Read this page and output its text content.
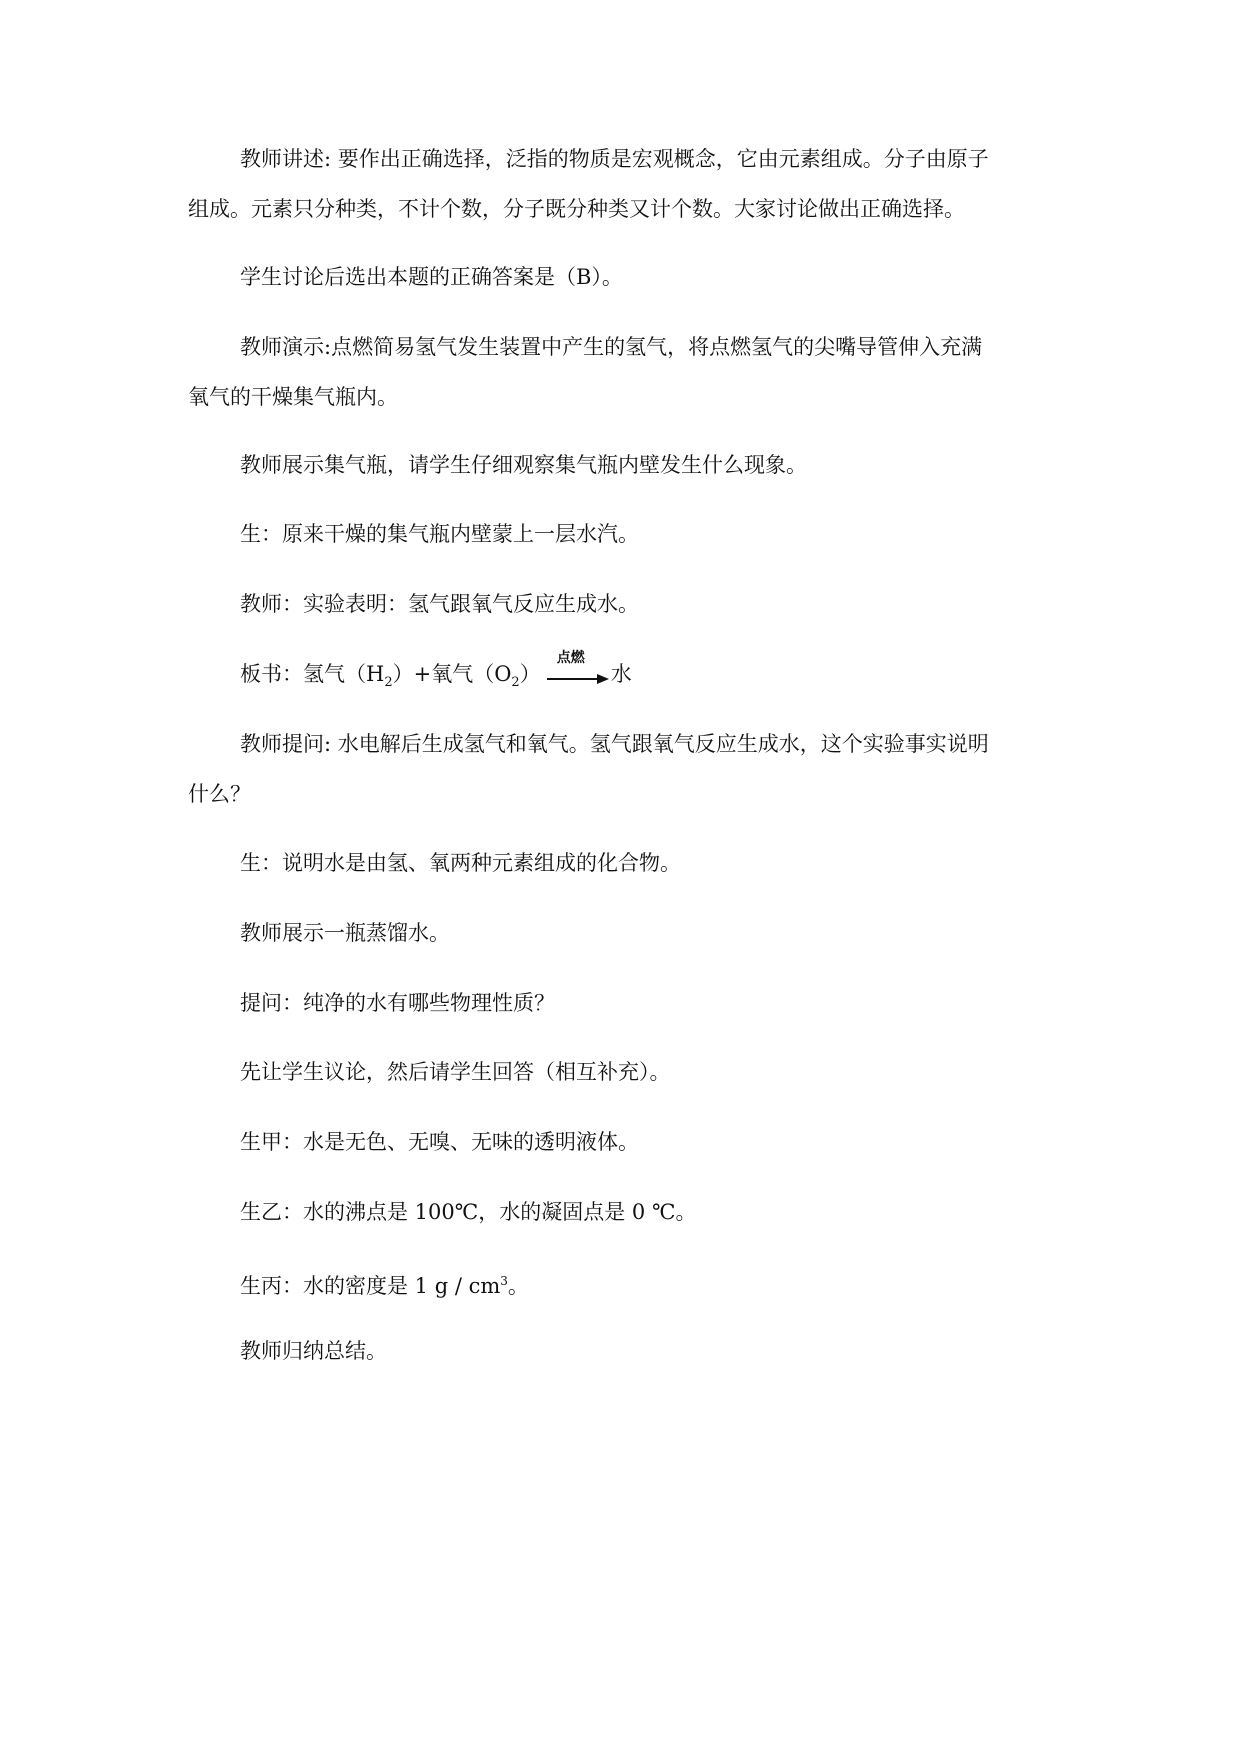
教师讲述: 要作出正确选择，泛指的物质是宏观概念，它由元素组成。分子由原子
组成。元素只分种类，不计个数，分子既分种类又计个数。大家讨论做出正确选择。
学生讨论后选出本题的正确答案是（B）。
教师演示:点燃简易氢气发生装置中产生的氢气，将点燃氢气的尖嘴导管伸入充满
氧气的干燥集气瓶内。
教师展示集气瓶，请学生仔细观察集气瓶内壁发生什么现象。
生：原来干燥的集气瓶内壁蒙上一层水汽。
教师：实验表明：氢气跟氧气反应生成水。
板书：氢气$(H_2)+$氧气$(O_2)$
点燃
水
教师提问: 水电解后生成氢气和氧气。氢气跟氧气反应生成水，这个实验事实说明
什么？
生：说明水是由氢、氧两种元素组成的化合物。
教师展示一瓶蒸馏水。
提问：纯净的水有哪些物理性质？
先让学生议论，然后请学生回答（相互补充）。
生甲：水是无色、无嗅、无味的透明液体。
生乙：水的沸点是 100℃，水的凝固点是 0 ℃。
生丙：水的密度是 1 g / $cm^3$。
教师归纳总结。
